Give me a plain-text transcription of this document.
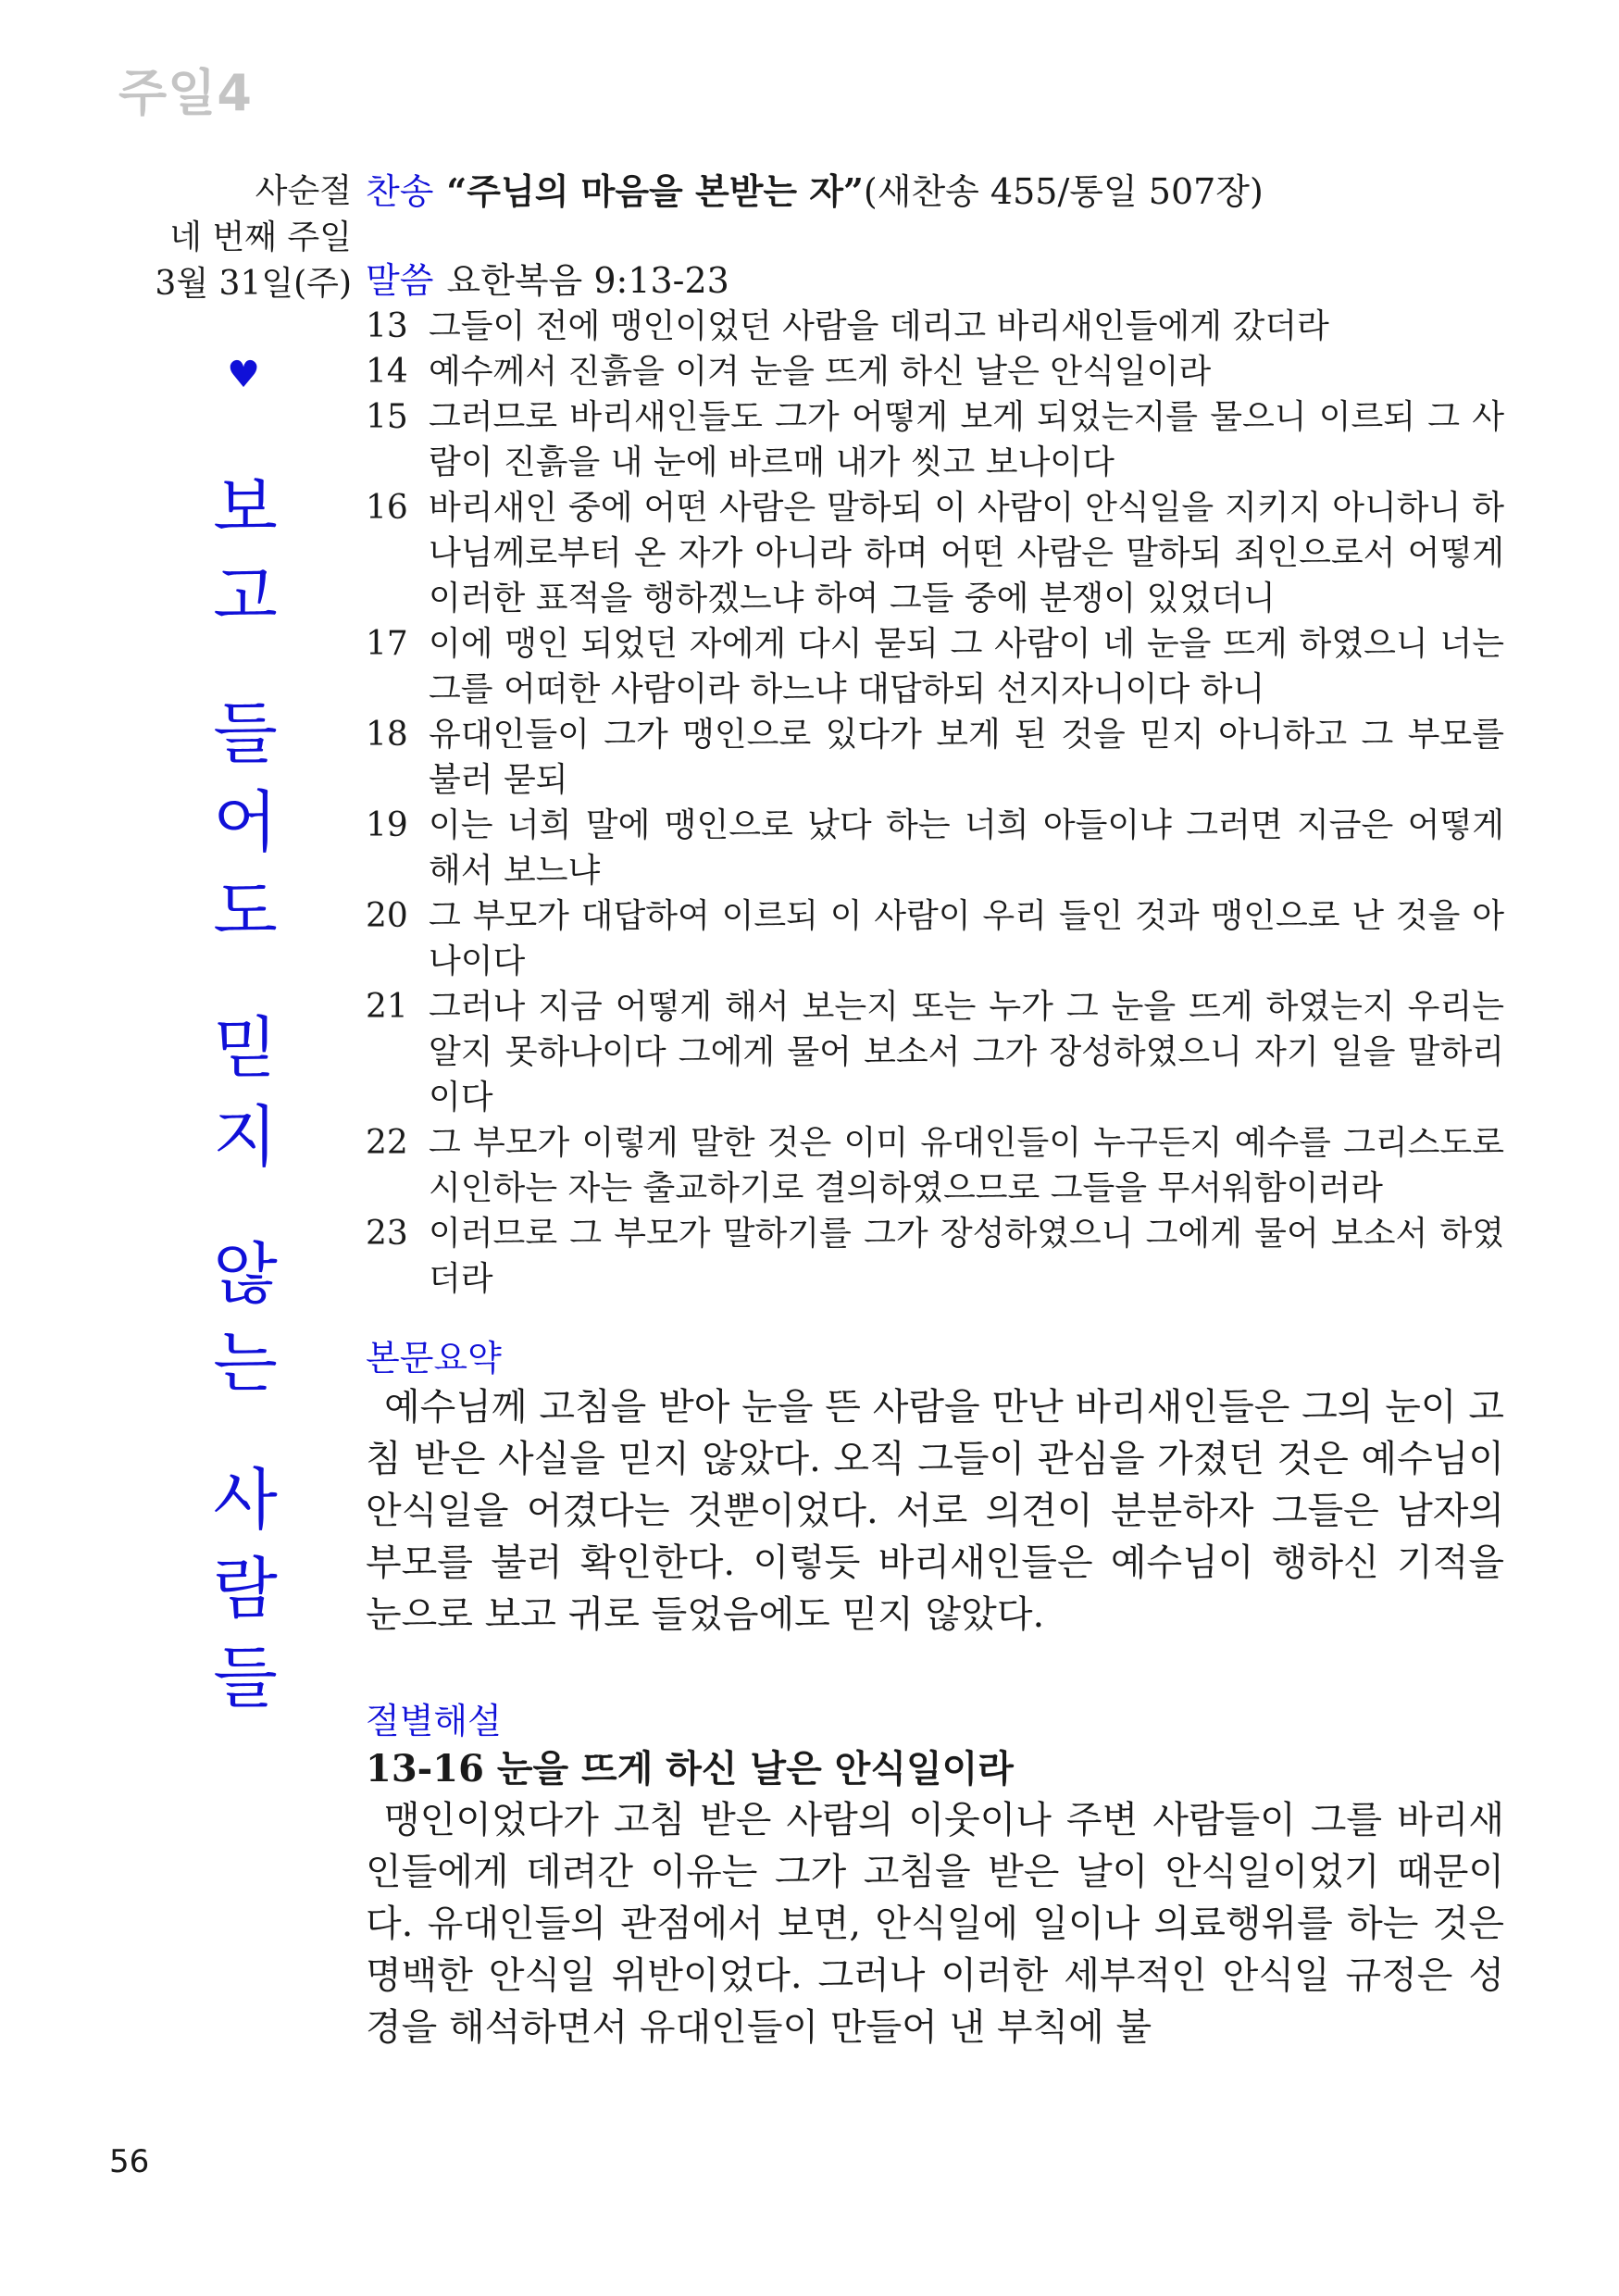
주일4
사순절
네 번째 주일
3월 31일(주)
♥
보
고
들
어
도
믿
지
않
는
사
람
들
찬송 “주님의 마음을 본받는 자”(새찬송 455/통일 507장)
말씀 요한복음 9:13-23
13 그들이 전에 맹인이었던 사람을 데리고 바리새인들에게 갔더라
14 예수께서 진흙을 이겨 눈을 뜨게 하신 날은 안식일이라
15 그러므로 바리새인들도 그가 어떻게 보게 되었는지를 물으니 이르되 그 사람이 진흙을 내 눈에 바르매 내가 씻고 보나이다
16 바리새인 중에 어떤 사람은 말하되 이 사람이 안식일을 지키지 아니하니 하나님께로부터 온 자가 아니라 하며 어떤 사람은 말하되 죄인으로서 어떻게 이러한 표적을 행하겠느냐 하여 그들 중에 분쟁이 있었더니
17 이에 맹인 되었던 자에게 다시 묻되 그 사람이 네 눈을 뜨게 하였으니 너는 그를 어떠한 사람이라 하느냐 대답하되 선지자니이다 하니
18 유대인들이 그가 맹인으로 있다가 보게 된 것을 믿지 아니하고 그 부모를 불러 묻되
19 이는 너희 말에 맹인으로 났다 하는 너희 아들이냐 그러면 지금은 어떻게 해서 보느냐
20 그 부모가 대답하여 이르되 이 사람이 우리 들인 것과 맹인으로 난 것을 아나이다
21 그러나 지금 어떻게 해서 보는지 또는 누가 그 눈을 뜨게 하였는지 우리는 알지 못하나이다 그에게 물어 보소서 그가 장성하였으니 자기 일을 말하리이다
22 그 부모가 이렇게 말한 것은 이미 유대인들이 누구든지 예수를 그리스도로 시인하는 자는 출교하기로 결의하였으므로 그들을 무서워함이러라
23 이러므로 그 부모가 말하기를 그가 장성하였으니 그에게 물어 보소서 하였더라
본문요약

예수님께 고침을 받아 눈을 뜬 사람을 만난 바리새인들은 그의 눈이 고침 받은 사실을 믿지 않았다. 오직 그들이 관심을 가졌던 것은 예수님이 안식일을 어겼다는 것뿐이었다. 서로 의견이 분분하자 그들은 남자의 부모를 불러 확인한다. 이렇듯 바리새인들은 예수님이 행하신 기적을 눈으로 보고 귀로 들었음에도 믿지 않았다.

절별해설
13-16 눈을 뜨게 하신 날은 안식일이라

맹인이었다가 고침 받은 사람의 이웃이나 주변 사람들이 그를 바리새인들에게 데려간 이유는 그가 고침을 받은 날이 안식일이었기 때문이다. 유대인들의 관점에서 보면, 안식일에 일이나 의료행위를 하는 것은 명백한 안식일 위반이었다. 그러나 이러한 세부적인 안식일 규정은 성경을 해석하면서 유대인들이 만들어 낸 부칙에 불

56
